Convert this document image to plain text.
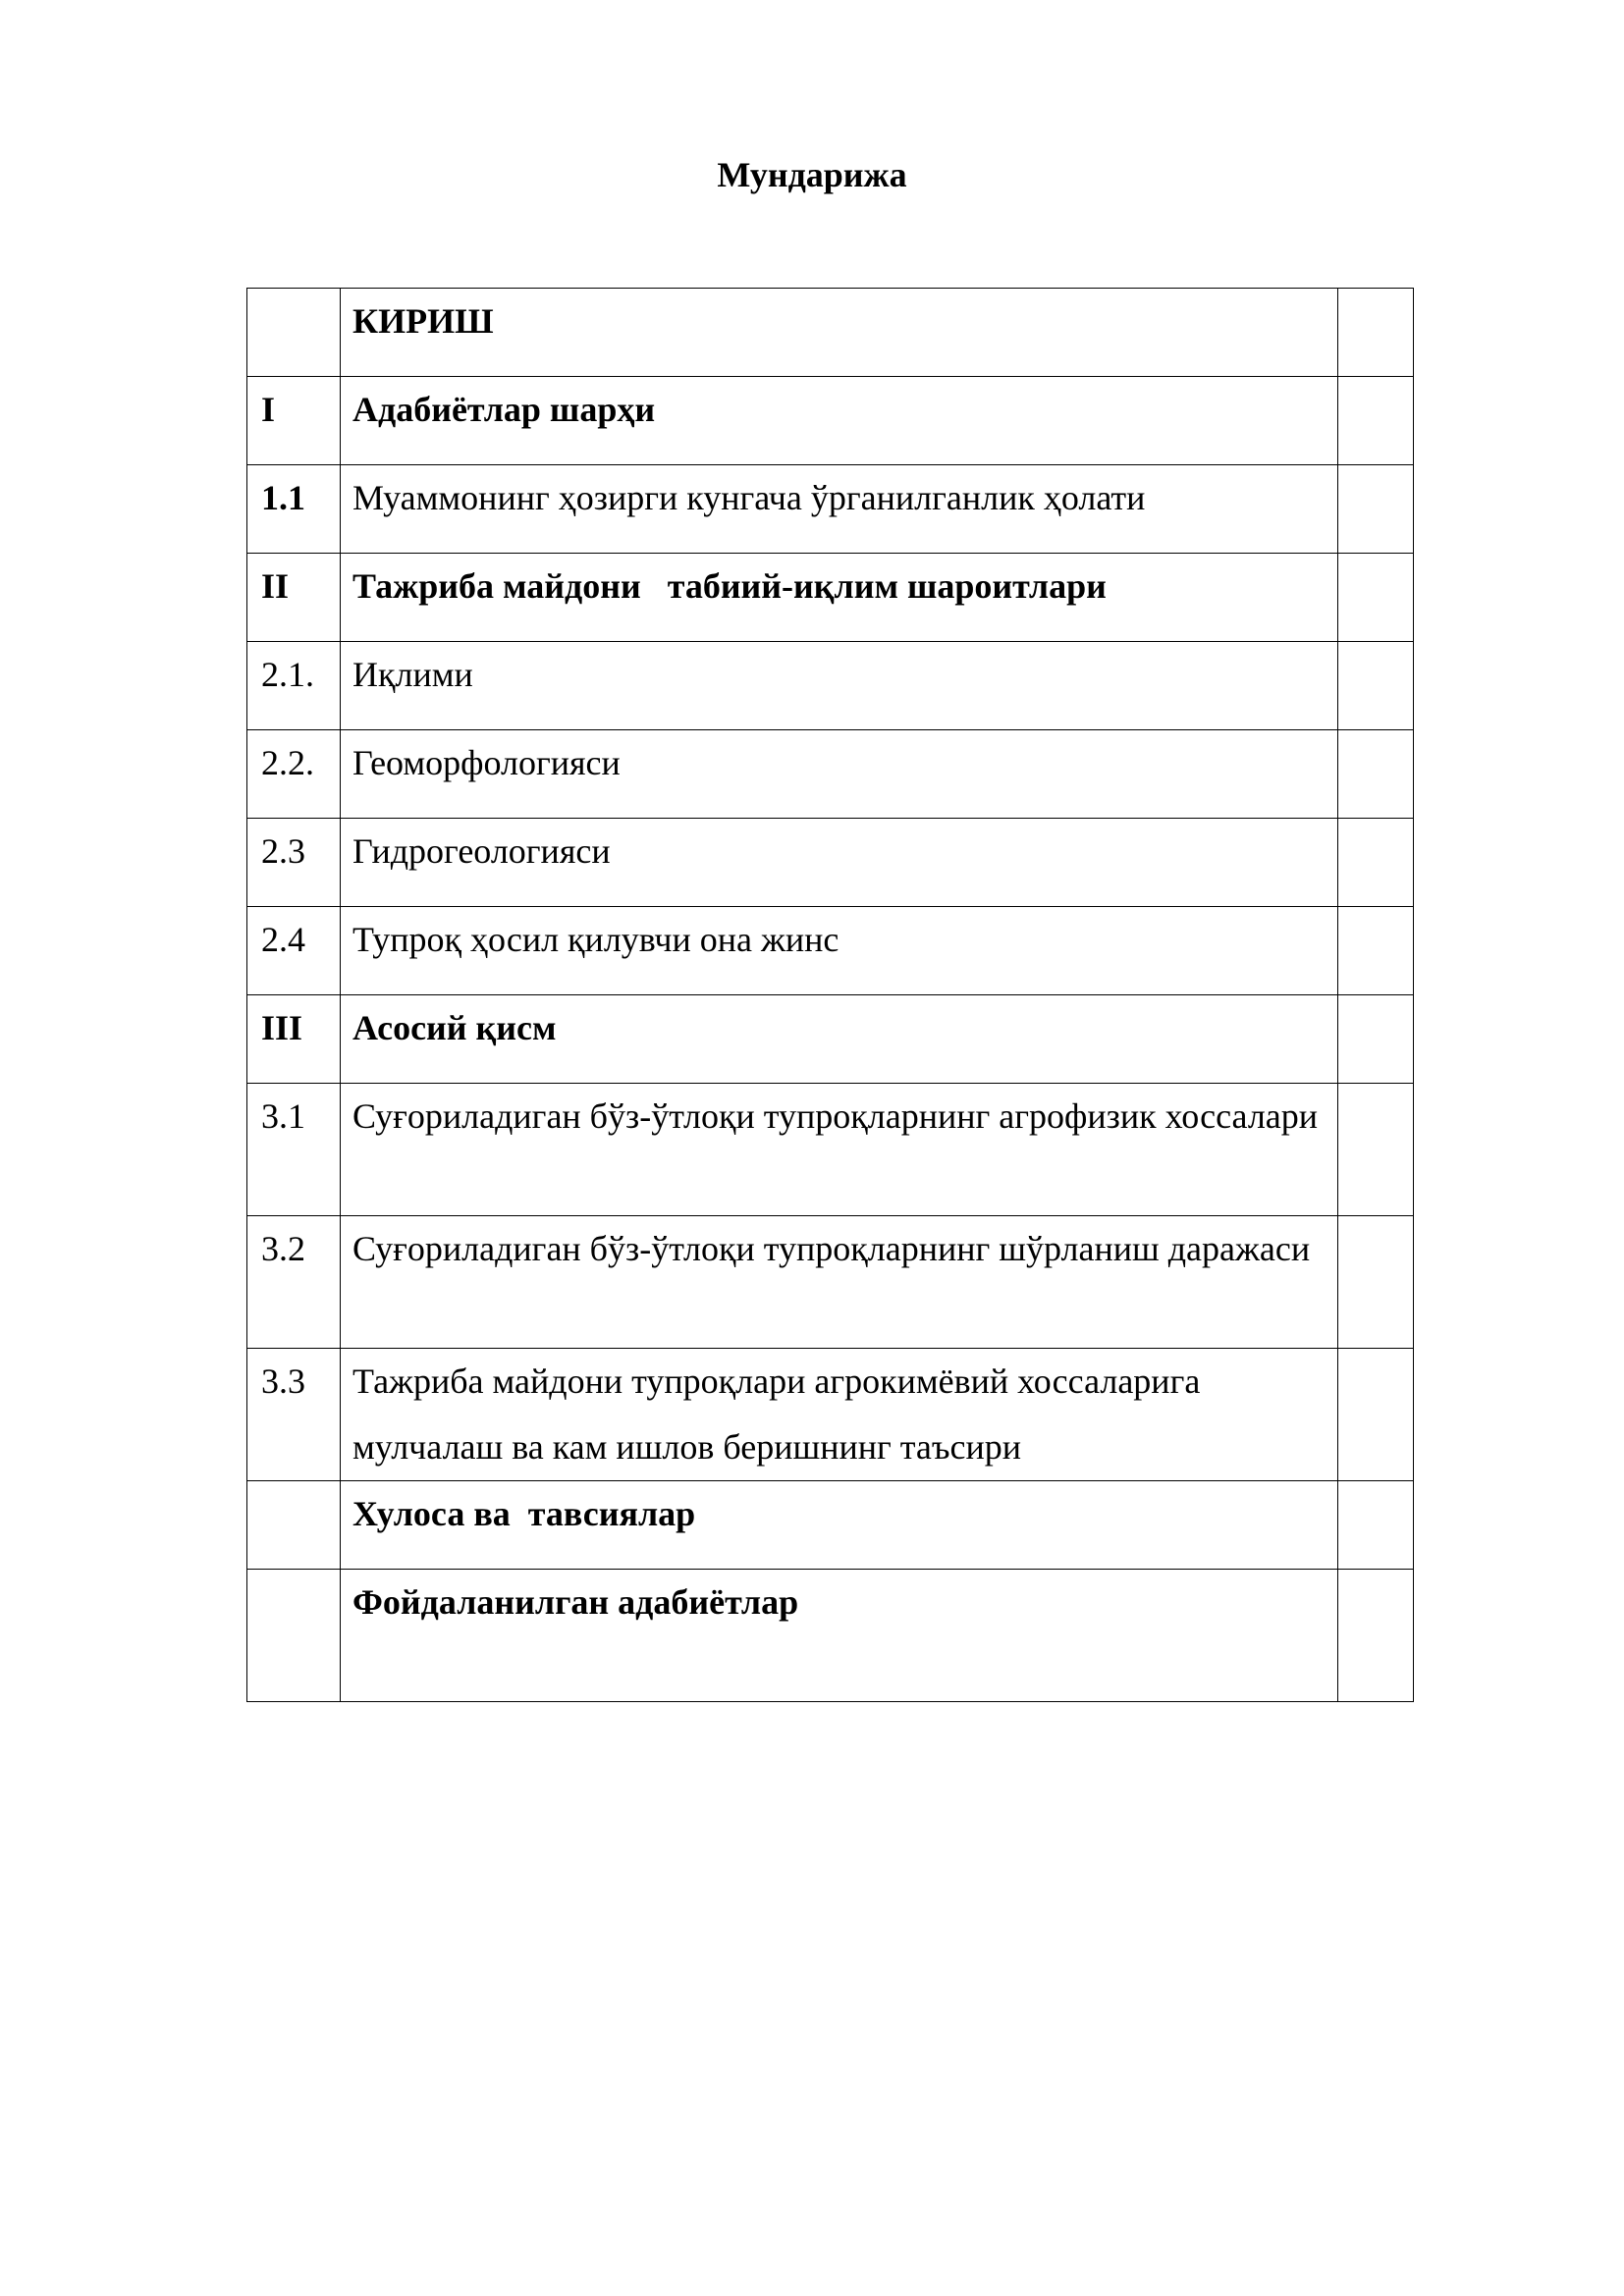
Мундарижа
	КИРИШ	
I	Адабиётлар шарҳи	
1.1	Муаммонинг ҳозирги кунгача ўрганилганлик ҳолати	
II	Тажриба майдони   табиий-иқлим шароитлари	
2.1.	Иқлими	
2.2.	Геоморфологияси	
2.3	Гидрогеологияси	
2.4	Тупроқ ҳосил қилувчи она жинс	
III	Асосий қисм	
3.1	Суғориладиган бўз-ўтлоқи тупроқларнинг агрофизик хоссалари	
3.2	Суғориладиган бўз-ўтлоқи тупроқларнинг шўрланиш даражаси	
3.3	Тажриба майдони тупроқлари агрокимёвий хоссаларига мулчалаш ва кам ишлов беришнинг таъсири	
	Хулоса ва  тавсиялар	
	Фойдаланилган адабиётлар	
